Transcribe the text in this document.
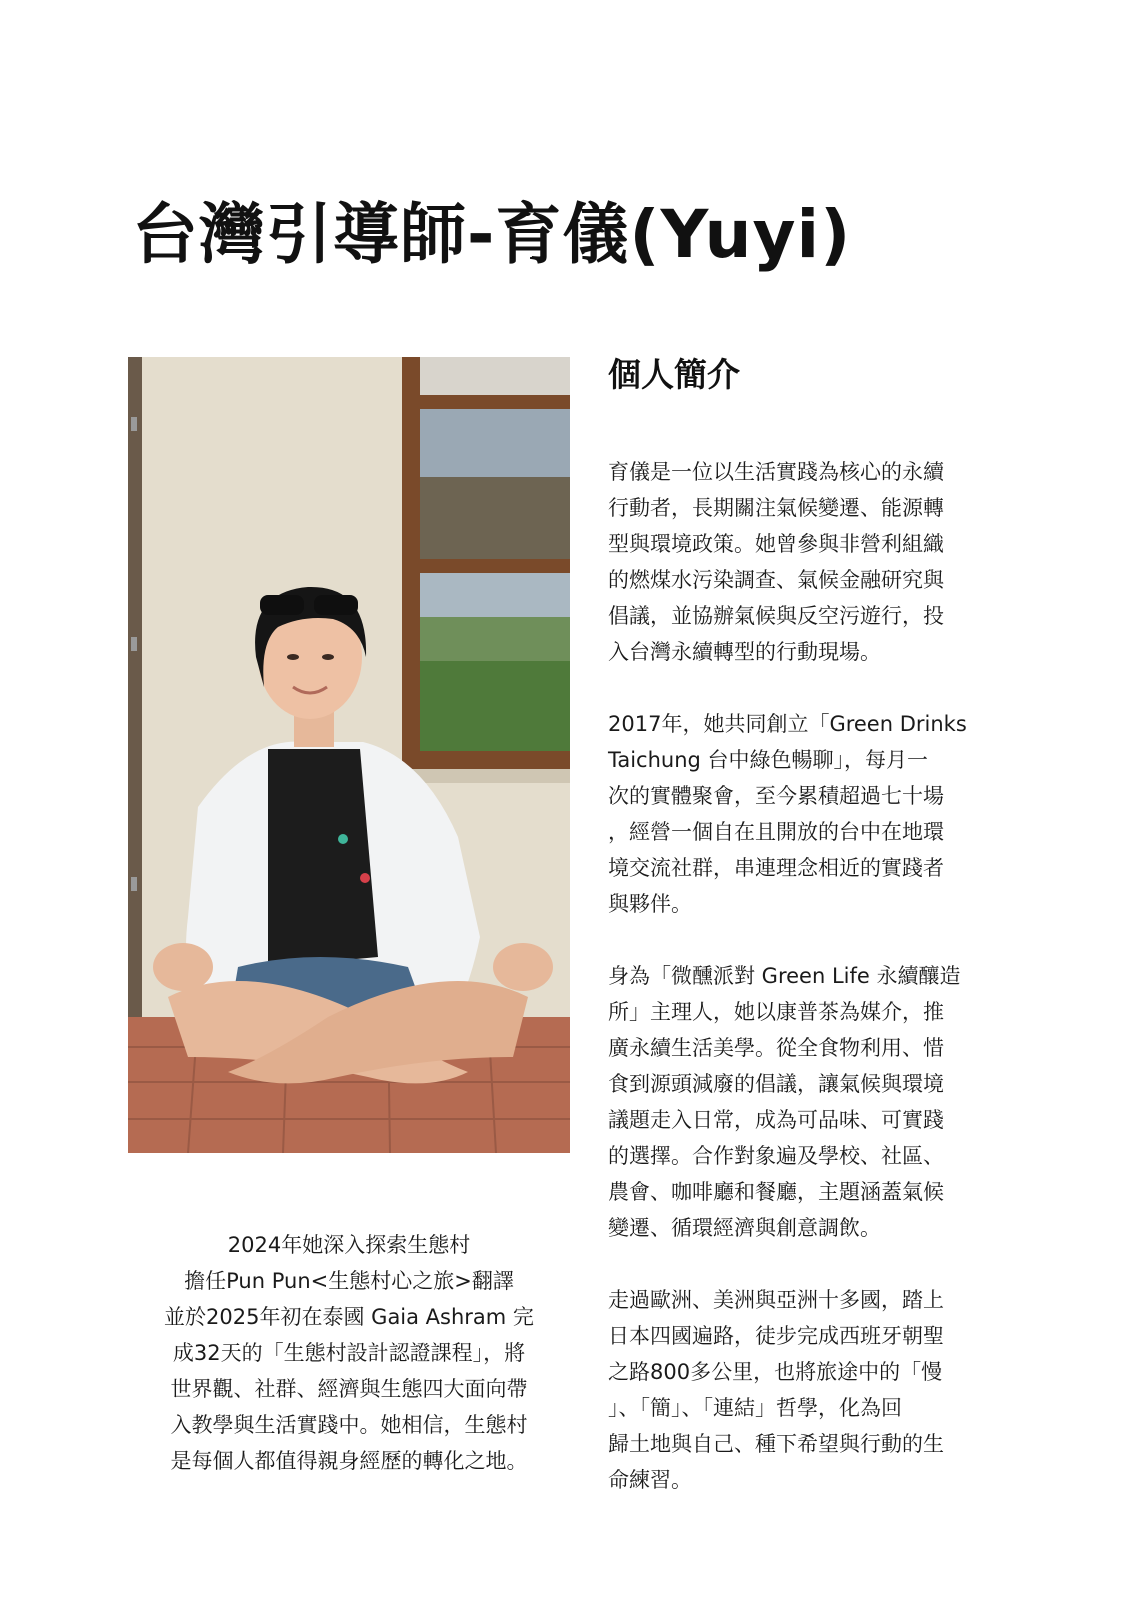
台灣引導師-育儀(Yuyi)

2024年她深入探索生態村

擔任Pun Pun<生態村心之旅>翻譯

並於2025年初在泰國 Gaia Ashram 完

成32天的「生態村設計認證課程」，將

世界觀、社群、經濟與生態四大面向帶

入教學與生活實踐中。她相信，生態村

是每個人都值得親身經歷的轉化之地。

個人簡介

育儀是一位以生活實踐為核心的永續
行動者，長期關注氣候變遷、能源轉
型與環境政策。她曾參與非營利組織
的燃煤水污染調查、氣候金融研究與
倡議，並協辦氣候與反空污遊行，投
入台灣永續轉型的行動現場。

2017年，她共同創立「Green Drinks
Taichung 台中綠色暢聊」，每月一
次的實體聚會，至今累積超過七十場
，經營一個自在且開放的台中在地環
境交流社群，串連理念相近的實踐者
與夥伴。

身為「微醺派對 Green Life 永續釀造
所」主理人，她以康普茶為媒介，推
廣永續生活美學。從全食物利用、惜
食到源頭減廢的倡議，讓氣候與環境
議題走入日常，成為可品味、可實踐
的選擇。合作對象遍及學校、社區、
農會、咖啡廳和餐廳，主題涵蓋氣候
變遷、循環經濟與創意調飲。

走過歐洲、美洲與亞洲十多國，踏上
日本四國遍路，徒步完成西班牙朝聖
之路800多公里，也將旅途中的「慢
」、「簡」、「連結」哲學，化為回
歸土地與自己、種下希望與行動的生
命練習。
